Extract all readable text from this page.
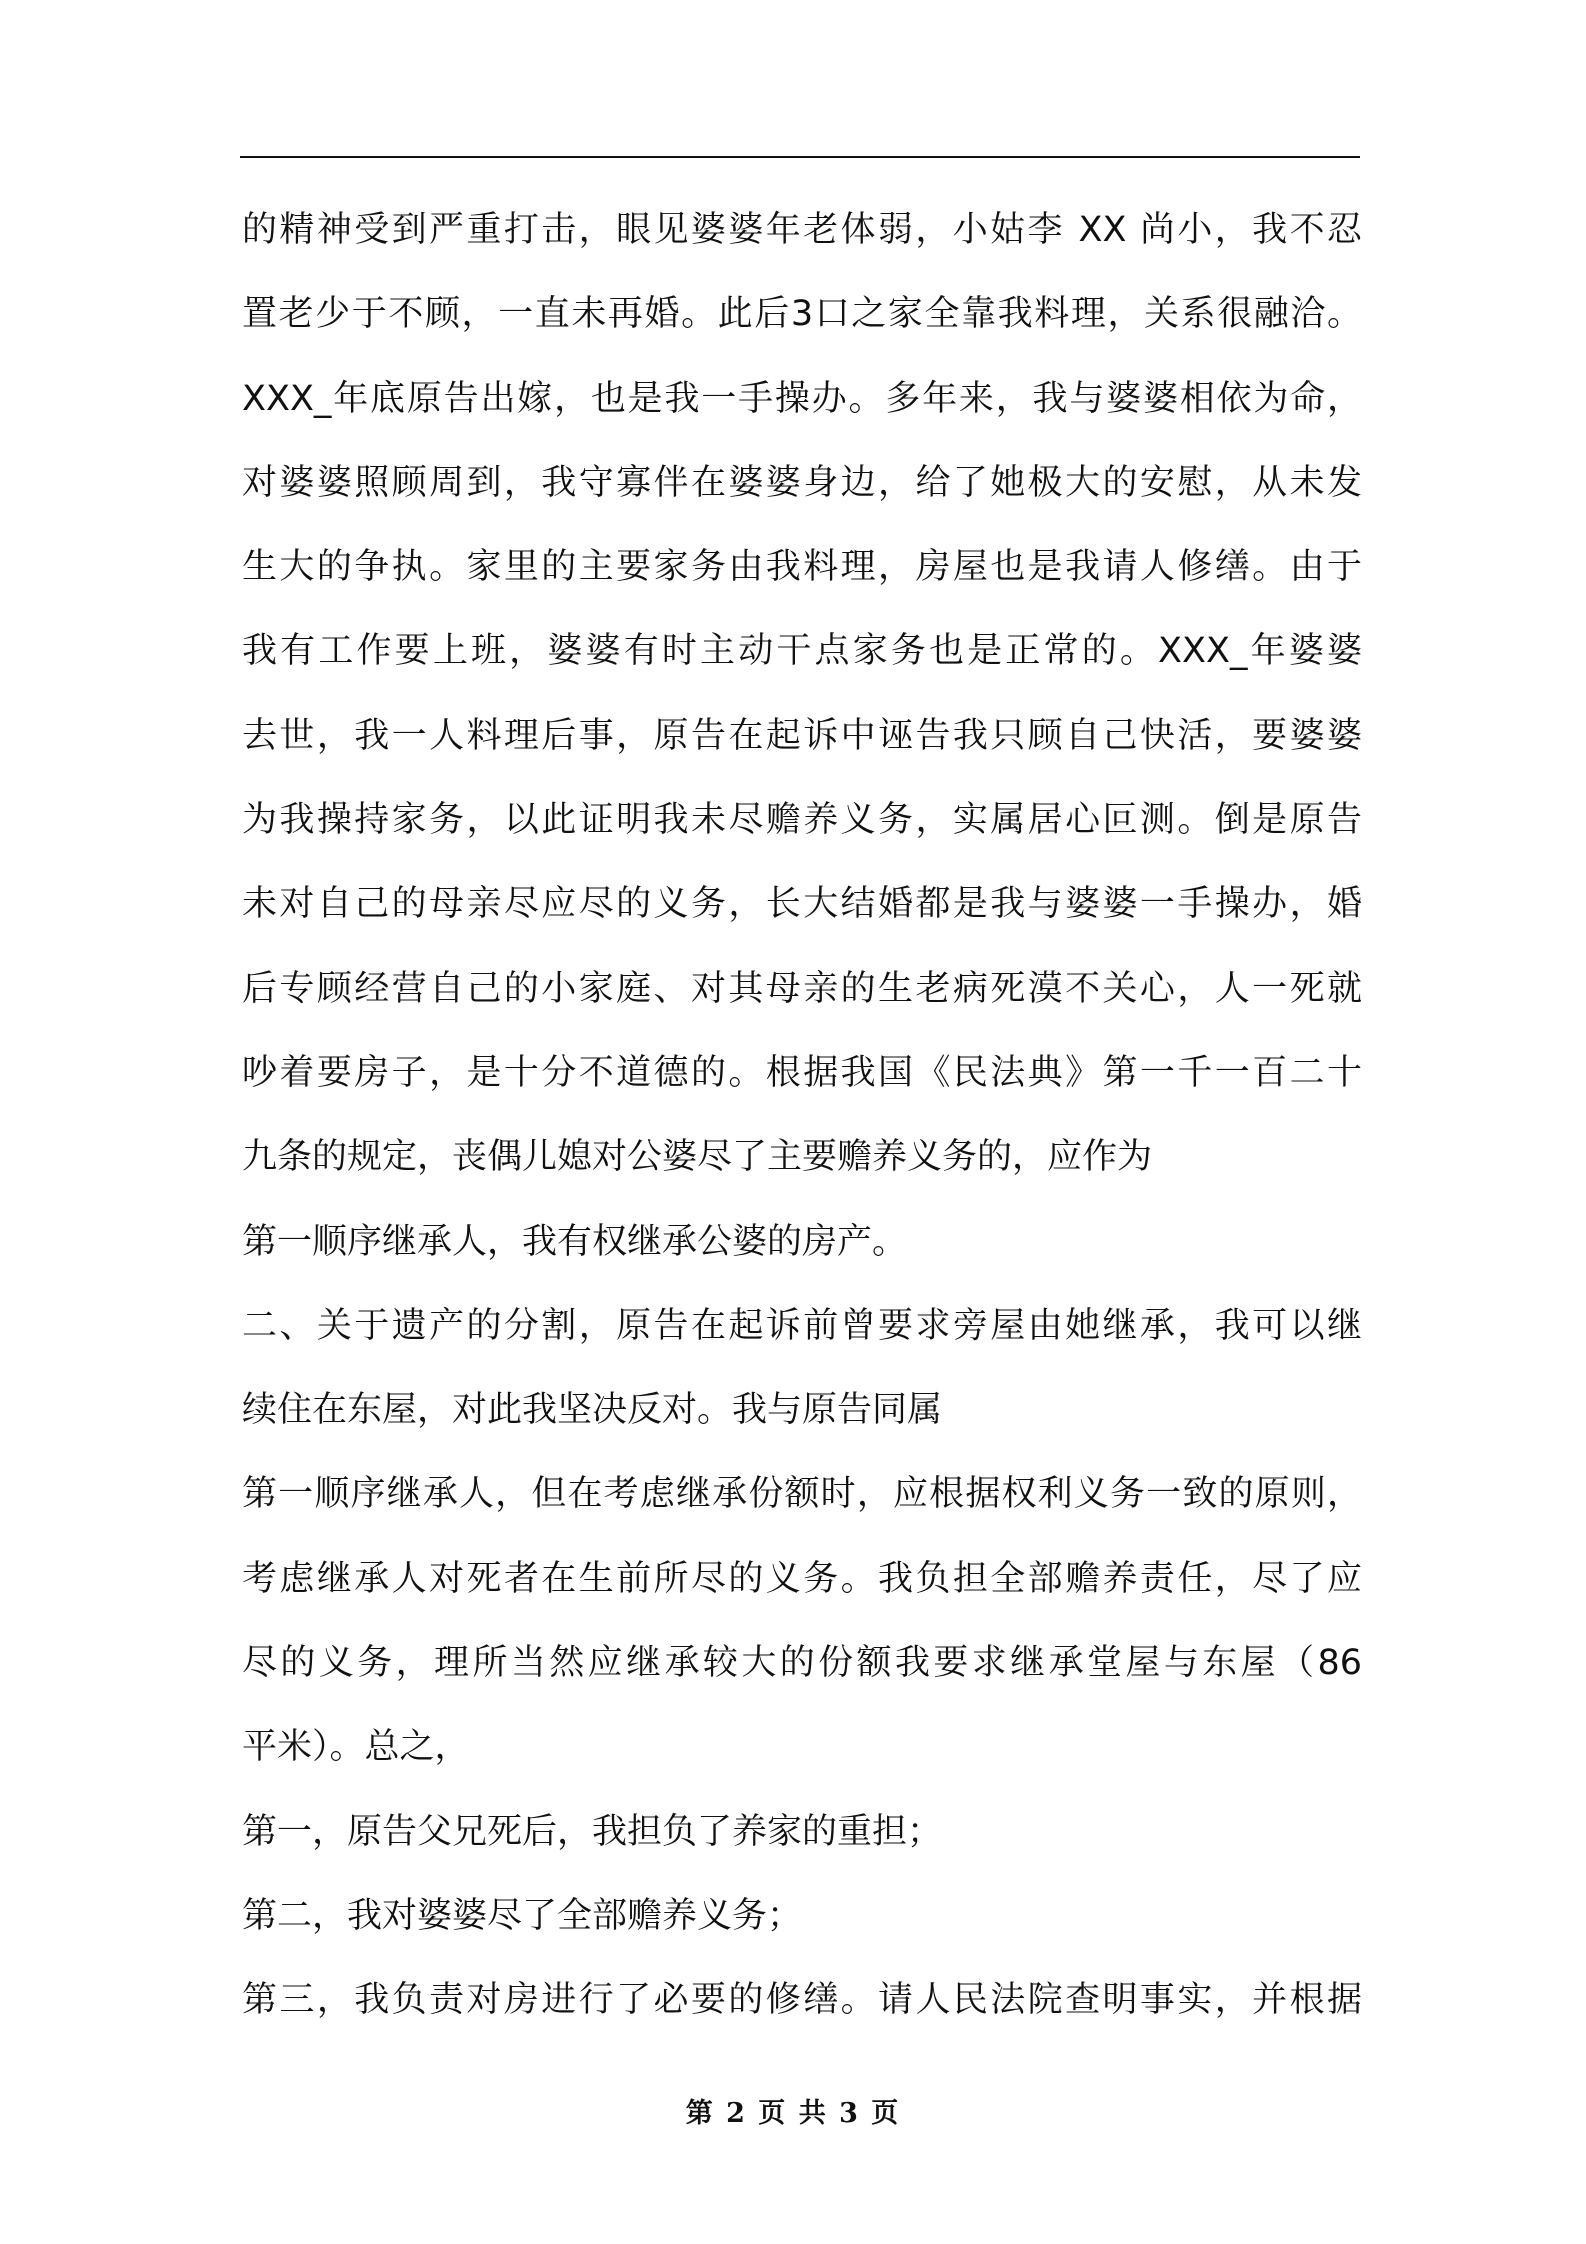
的精神受到严重打击，眼见婆婆年老体弱，小姑李 XX 尚小，我不忍
置老少于不顾，一直未再婚。此后3口之家全靠我料理，关系很融洽。
XXX_年底原告出嫁，也是我一手操办。多年来，我与婆婆相依为命，
对婆婆照顾周到，我守寡伴在婆婆身边，给了她极大的安慰，从未发
生大的争执。家里的主要家务由我料理，房屋也是我请人修缮。由于
我有工作要上班，婆婆有时主动干点家务也是正常的。XXX_年婆婆
去世，我一人料理后事，原告在起诉中诬告我只顾自己快活，要婆婆
为我操持家务，以此证明我未尽赡养义务，实属居心叵测。倒是原告
未对自己的母亲尽应尽的义务，长大结婚都是我与婆婆一手操办，婚
后专顾经营自己的小家庭、对其母亲的生老病死漠不关心，人一死就
吵着要房子，是十分不道德的。根据我国《民法典》第一千一百二十
九条的规定，丧偶儿媳对公婆尽了主要赡养义务的，应作为
第一顺序继承人，我有权继承公婆的房产。
二、关于遗产的分割，原告在起诉前曾要求旁屋由她继承，我可以继
续住在东屋，对此我坚决反对。我与原告同属
第一顺序继承人，但在考虑继承份额时，应根据权利义务一致的原则，
考虑继承人对死者在生前所尽的义务。我负担全部赡养责任，尽了应
尽的义务，理所当然应继承较大的份额我要求继承堂屋与东屋（86
平米）。总之，
第一，原告父兄死后，我担负了养家的重担；
第二，我对婆婆尽了全部赡养义务；
第三，我负责对房进行了必要的修缮。请人民法院查明事实，并根据
第 2 页 共 3 页
